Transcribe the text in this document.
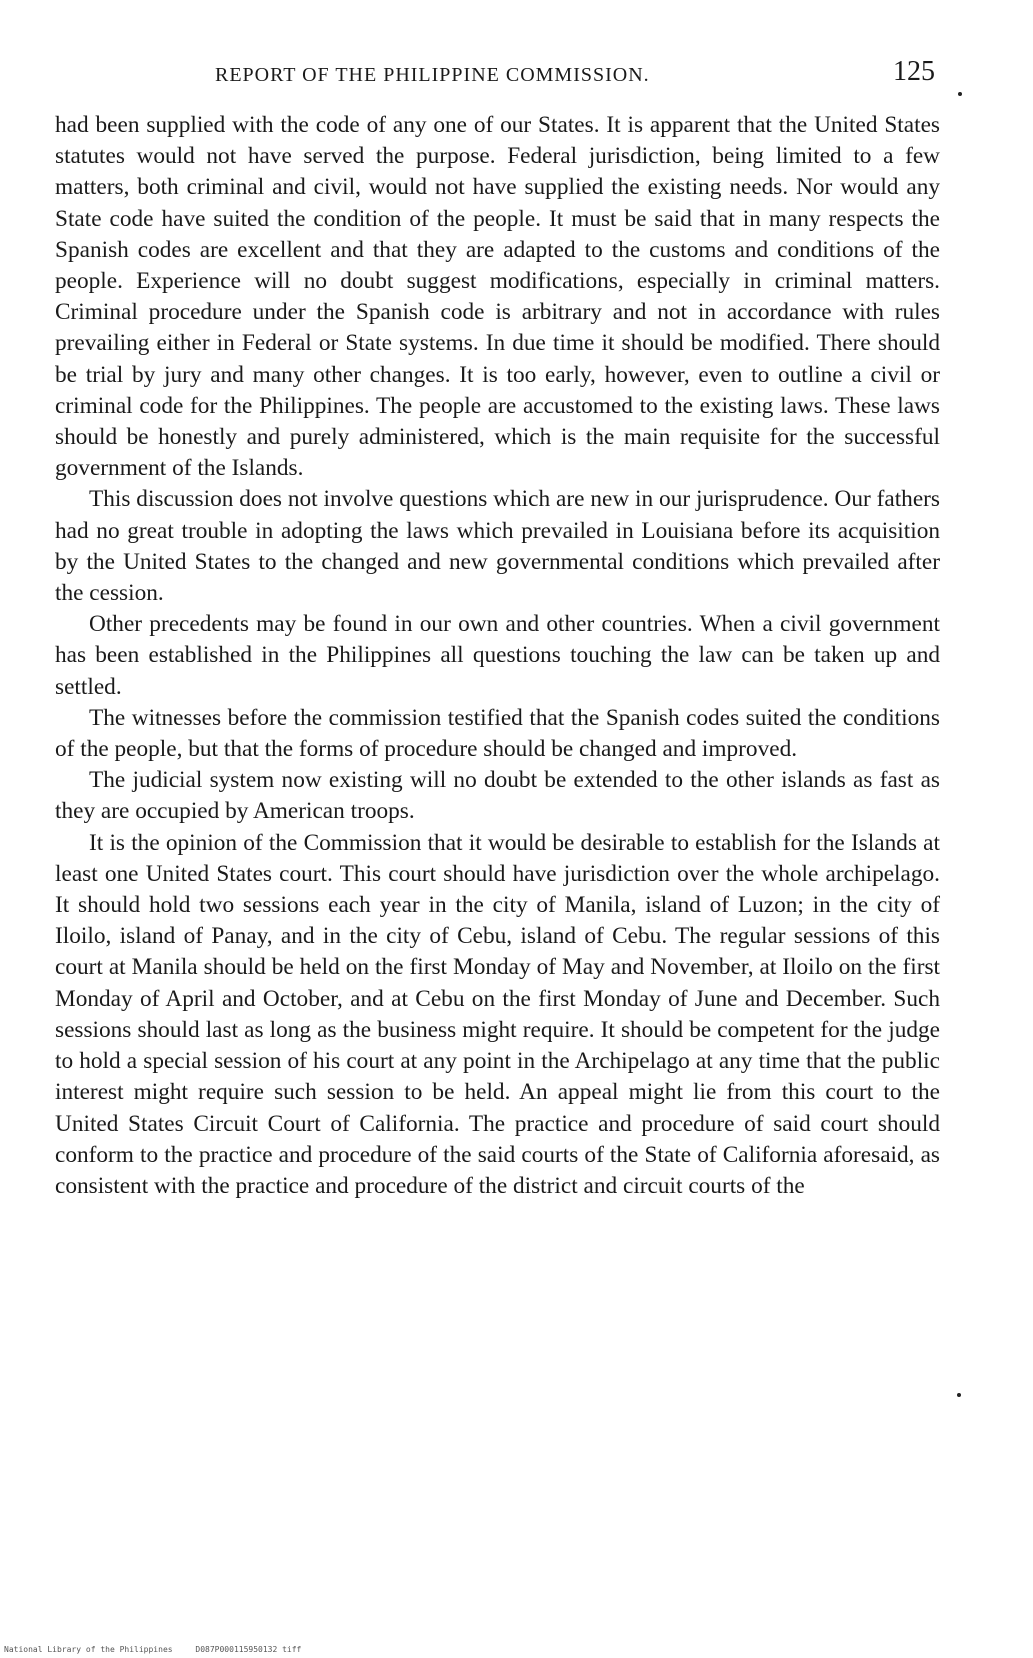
REPORT OF THE PHILIPPINE COMMISSION.	125

had been supplied with the code of any one of our States. It is apparent that the United States statutes would not have served the purpose. Federal jurisdiction, being limited to a few matters, both criminal and civil, would not have supplied the existing needs. Nor would any State code have suited the condition of the people. It must be said that in many respects the Spanish codes are excellent and that they are adapted to the customs and conditions of the people. Experience will no doubt suggest modifications, especially in criminal matters. Criminal procedure under the Spanish code is arbitrary and not in accordance with rules prevailing either in Federal or State systems. In due time it should be modified. There should be trial by jury and many other changes. It is too early, however, even to outline a civil or criminal code for the Philippines. The people are accustomed to the existing laws. These laws should be honestly and purely administered, which is the main requisite for the successful government of the Islands.

This discussion does not involve questions which are new in our jurisprudence. Our fathers had no great trouble in adopting the laws which prevailed in Louisiana before its acquisition by the United States to the changed and new governmental conditions which prevailed after the cession.

Other precedents may be found in our own and other countries. When a civil government has been established in the Philippines all questions touching the law can be taken up and settled.

The witnesses before the commission testified that the Spanish codes suited the conditions of the people, but that the forms of procedure should be changed and improved.

The judicial system now existing will no doubt be extended to the other islands as fast as they are occupied by American troops.

It is the opinion of the Commission that it would be desirable to establish for the Islands at least one United States court. This court should have jurisdiction over the whole archipelago. It should hold two sessions each year in the city of Manila, island of Luzon; in the city of Iloilo, island of Panay, and in the city of Cebu, island of Cebu. The regular sessions of this court at Manila should be held on the first Monday of May and November, at Iloilo on the first Monday of April and October, and at Cebu on the first Monday of June and December. Such sessions should last as long as the business might require. It should be competent for the judge to hold a special session of his court at any point in the Archipelago at any time that the public interest might require such session to be held. An appeal might lie from this court to the United States Circuit Court of California. The practice and procedure of said court should conform to the practice and procedure of the said courts of the State of California aforesaid, as consistent with the practice and procedure of the district and circuit courts of the

National Library of the Philippines	D087P000115950132 tiff
